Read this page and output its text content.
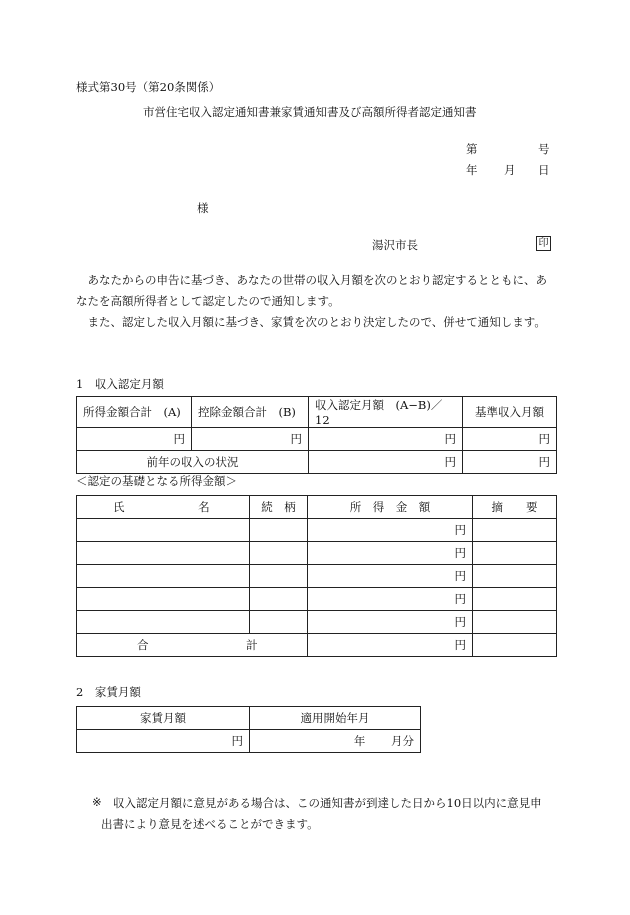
様式第30号（第20条関係）
市営住宅収入認定通知書兼家賃通知書及び高額所得者認定通知書
第	号
年 月 日
様
湯沢市長	印
あなたからの申告に基づき、あなたの世帯の収入月額を次のとおり認定するとともに、あなたを高額所得者として認定したので通知します。
また、認定した収入月額に基づき、家賃を次のとおり決定したので、併せて通知します。
1　収入認定月額
所得金額合計　(A)	控除金額合計　(B)	収入認定月額　(A−B)／12	基準収入月額
円	円	円	円
前年の収入の状況		円	円
＜認定の基礎となる所得金額＞
氏 名	続　柄	所　得　金　額	摘　　要
		円	
		円	
		円	
		円	
		円	
合 計		円	
2　家賃月額
家賃月額	適用開始年月
円	年 月分
※ 収入認定月額に意見がある場合は、この通知書が到達した日から10日以内に意見申
出書により意見を述べることができます。
